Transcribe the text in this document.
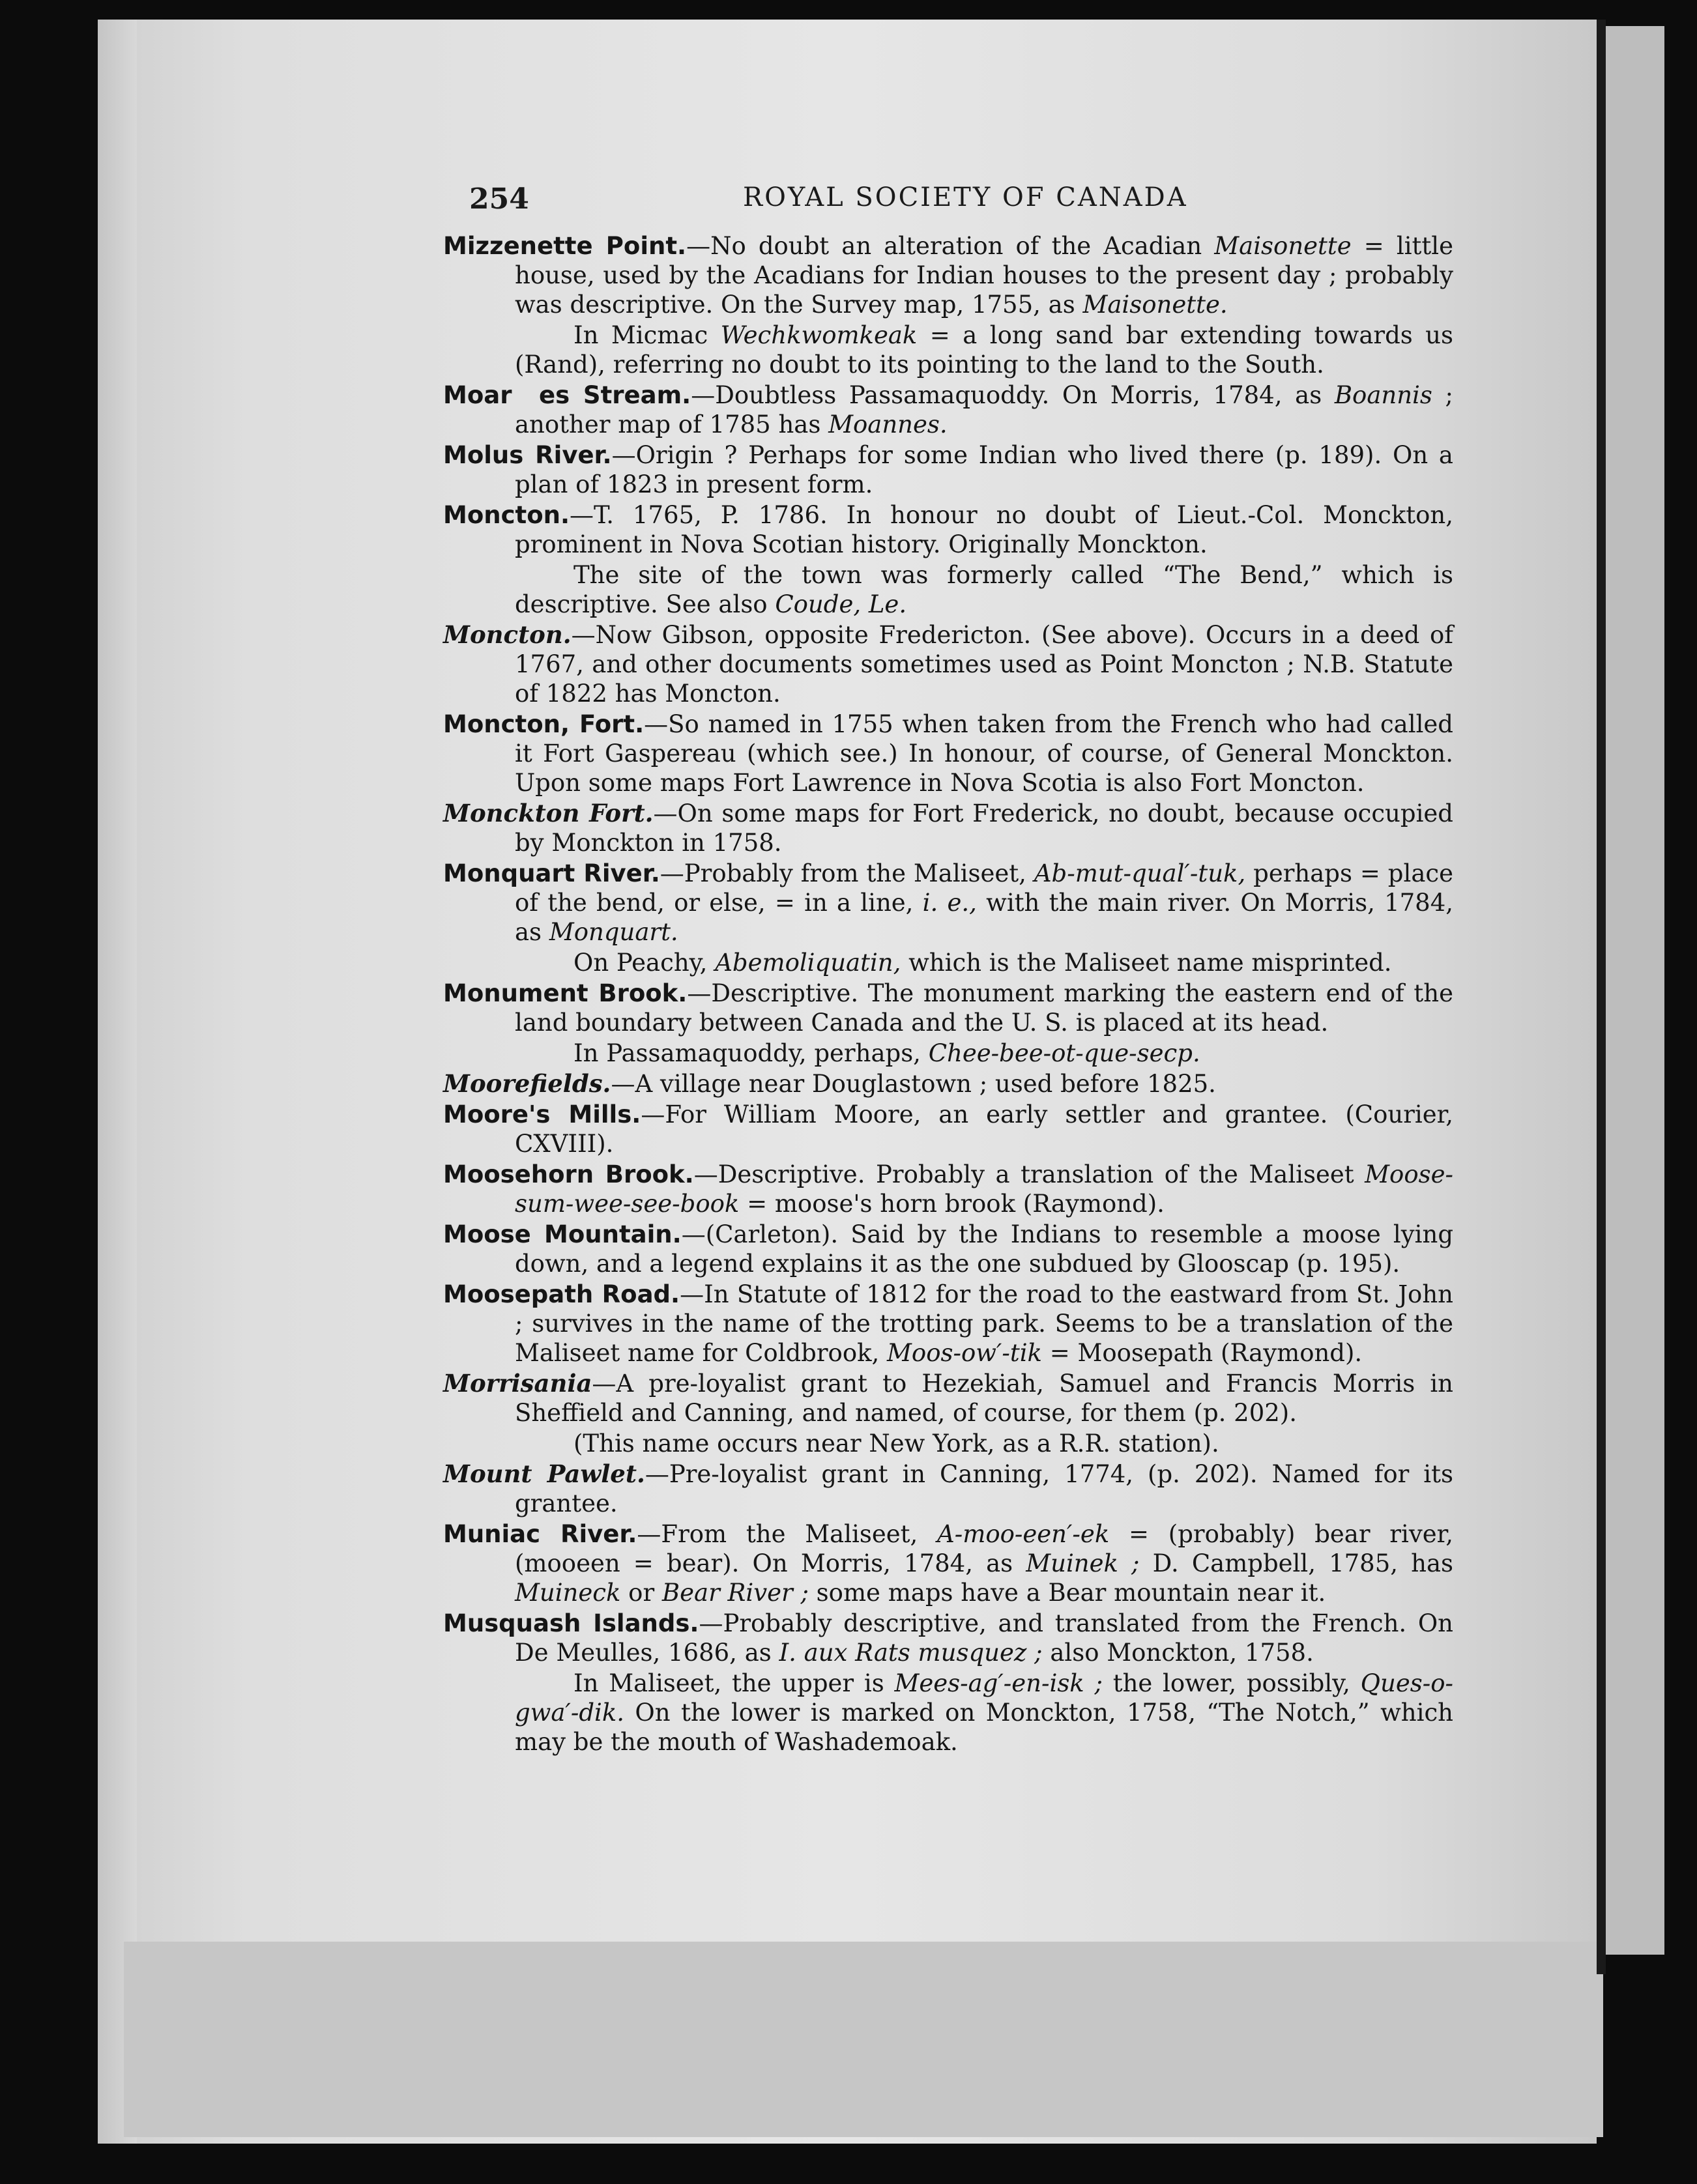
254	ROYAL SOCIETY OF CANADA

Mizzenette Point.—No doubt an alteration of the Acadian Maisonette = little house, used by the Acadians for Indian houses to the present day ; probably was descriptive. On the Survey map, 1755, as Maisonette.

In Micmac Wechkwomkeak = a long sand bar extending towards us (Rand), referring no doubt to its pointing to the land to the South.

Moar  es Stream.—Doubtless Passamaquoddy. On Morris, 1784, as Boannis ; another map of 1785 has Moannes.

Molus River.—Origin ? Perhaps for some Indian who lived there (p. 189). On a plan of 1823 in present form.

Moncton.—T. 1765, P. 1786. In honour no doubt of Lieut.-Col. Monckton, prominent in Nova Scotian history. Originally Monckton.

The site of the town was formerly called “The Bend,” which is descriptive. See also Coude, Le.

Moncton.—Now Gibson, opposite Fredericton. (See above). Occurs in a deed of 1767, and other documents sometimes used as Point Moncton ; N.B. Statute of 1822 has Moncton.

Moncton, Fort.—So named in 1755 when taken from the French who had called it Fort Gaspereau (which see.) In honour, of course, of General Monckton. Upon some maps Fort Lawrence in Nova Scotia is also Fort Moncton.

Monckton Fort.—On some maps for Fort Frederick, no doubt, because occupied by Monckton in 1758.

Monquart River.—Probably from the Maliseet, Ab-mut-qual′-tuk, perhaps = place of the bend, or else, = in a line, i. e., with the main river. On Morris, 1784, as Monquart.

On Peachy, Abemoliquatin, which is the Maliseet name misprinted.

Monument Brook.—Descriptive. The monument marking the eastern end of the land boundary between Canada and the U. S. is placed at its head.

In Passamaquoddy, perhaps, Chee-bee-ot-que-secp.

Moorefields.—A village near Douglastown ; used before 1825.

Moore's Mills.—For William Moore, an early settler and grantee. (Courier, CXVIII).

Moosehorn Brook.—Descriptive. Probably a translation of the Maliseet Moose-sum-wee-see-book = moose's horn brook (Raymond).

Moose Mountain.—(Carleton). Said by the Indians to resemble a moose lying down, and a legend explains it as the one subdued by Glooscap (p. 195).

Moosepath Road.—In Statute of 1812 for the road to the eastward from St. John ; survives in the name of the trotting park. Seems to be a translation of the Maliseet name for Coldbrook, Moos-ow′-tik = Moosepath (Raymond).

Morrisania—A pre-loyalist grant to Hezekiah, Samuel and Francis Morris in Sheffield and Canning, and named, of course, for them (p. 202).

(This name occurs near New York, as a R.R. station).

Mount Pawlet.—Pre-loyalist grant in Canning, 1774, (p. 202). Named for its grantee.

Muniac River.—From the Maliseet, A-moo-een′-ek = (probably) bear river, (mooeen = bear). On Morris, 1784, as Muinek ; D. Campbell, 1785, has Muineck or Bear River ; some maps have a Bear mountain near it.

Musquash Islands.—Probably descriptive, and translated from the French. On De Meulles, 1686, as I. aux Rats musquez ; also Monckton, 1758.

In Maliseet, the upper is Mees-ag′-en-isk ; the lower, possibly, Ques-o-gwa′-dik. On the lower is marked on Monckton, 1758, “The Notch,” which may be the mouth of Washademoak.
